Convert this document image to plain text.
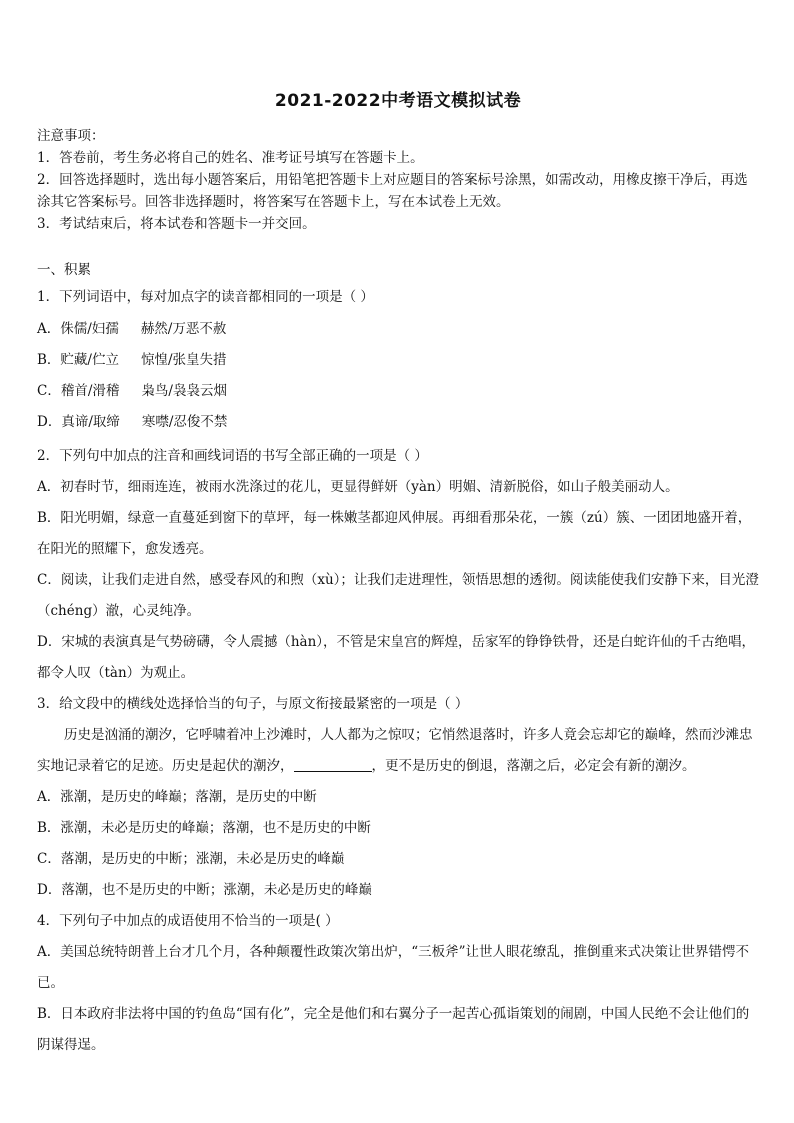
2021-2022中考语文模拟试卷

注意事项：

1．答卷前，考生务必将自己的姓名、准考证号填写在答题卡上。

2．回答选择题时，选出每小题答案后，用铅笔把答题卡上对应题目的答案标号涂黑，如需改动，用橡皮擦干净后，再选涂其它答案标号。回答非选择题时，将答案写在答题卡上，写在本试卷上无效。

3．考试结束后，将本试卷和答题卡一并交回。

一、积累

1．下列词语中，每对加点字的读音都相同的一项是（ ）

A．侏儒/妇孺 赫然/万恶不赦

B．贮藏/伫立 惊惶/张皇失措

C．稽首/滑稽 枭鸟/袅袅云烟

D．真谛/取缔 寒噤/忍俊不禁

2．下列句中加点的注音和画线词语的书写全部正确的一项是（ ）

A．初春时节，细雨连连，被雨水洗涤过的花儿，更显得鲜妍（yàn）明媚、清新脱俗，如山子般美丽动人。

B．阳光明媚，绿意一直蔓延到窗下的草坪，每一株嫩茎都迎风伸展。再细看那朵花，一簇（zú）簇、一团团地盛开着，在阳光的照耀下，愈发透亮。

C．阅读，让我们走进自然，感受春风的和煦（xù）；让我们走进理性，领悟思想的透彻。阅读能使我们安静下来，目光澄（chéng）澈，心灵纯净。

D．宋城的表演真是气势磅礴，令人震撼（hàn），不管是宋皇宫的辉煌，岳家军的铮铮铁骨，还是白蛇许仙的千古绝唱，都令人叹（tàn）为观止。

3．给文段中的横线处选择恰当的句子，与原文衔接最紧密的一项是（ ）

历史是汹涌的潮汐，它呼啸着冲上沙滩时，人人都为之惊叹；它悄然退落时，许多人竟会忘却它的巅峰，然而沙滩忠实地记录着它的足迹。历史是起伏的潮汐，	，更不是历史的倒退，落潮之后，必定会有新的潮汐。

A．涨潮，是历史的峰巅；落潮，是历史的中断

B．涨潮，未必是历史的峰巅；落潮，也不是历史的中断

C．落潮，是历史的中断；涨潮，未必是历史的峰巅

D．落潮，也不是历史的中断；涨潮，未必是历史的峰巅

4．下列句子中加点的成语使用不恰当的一项是( ）

A．美国总统特朗普上台才几个月，各种颠覆性政策次第出炉，“三板斧”让世人眼花缭乱，推倒重来式决策让世界错愕不已。

B．日本政府非法将中国的钓鱼岛“国有化”，完全是他们和右翼分子一起苦心孤诣策划的闹剧，中国人民绝不会让他们的阴谋得逞。
